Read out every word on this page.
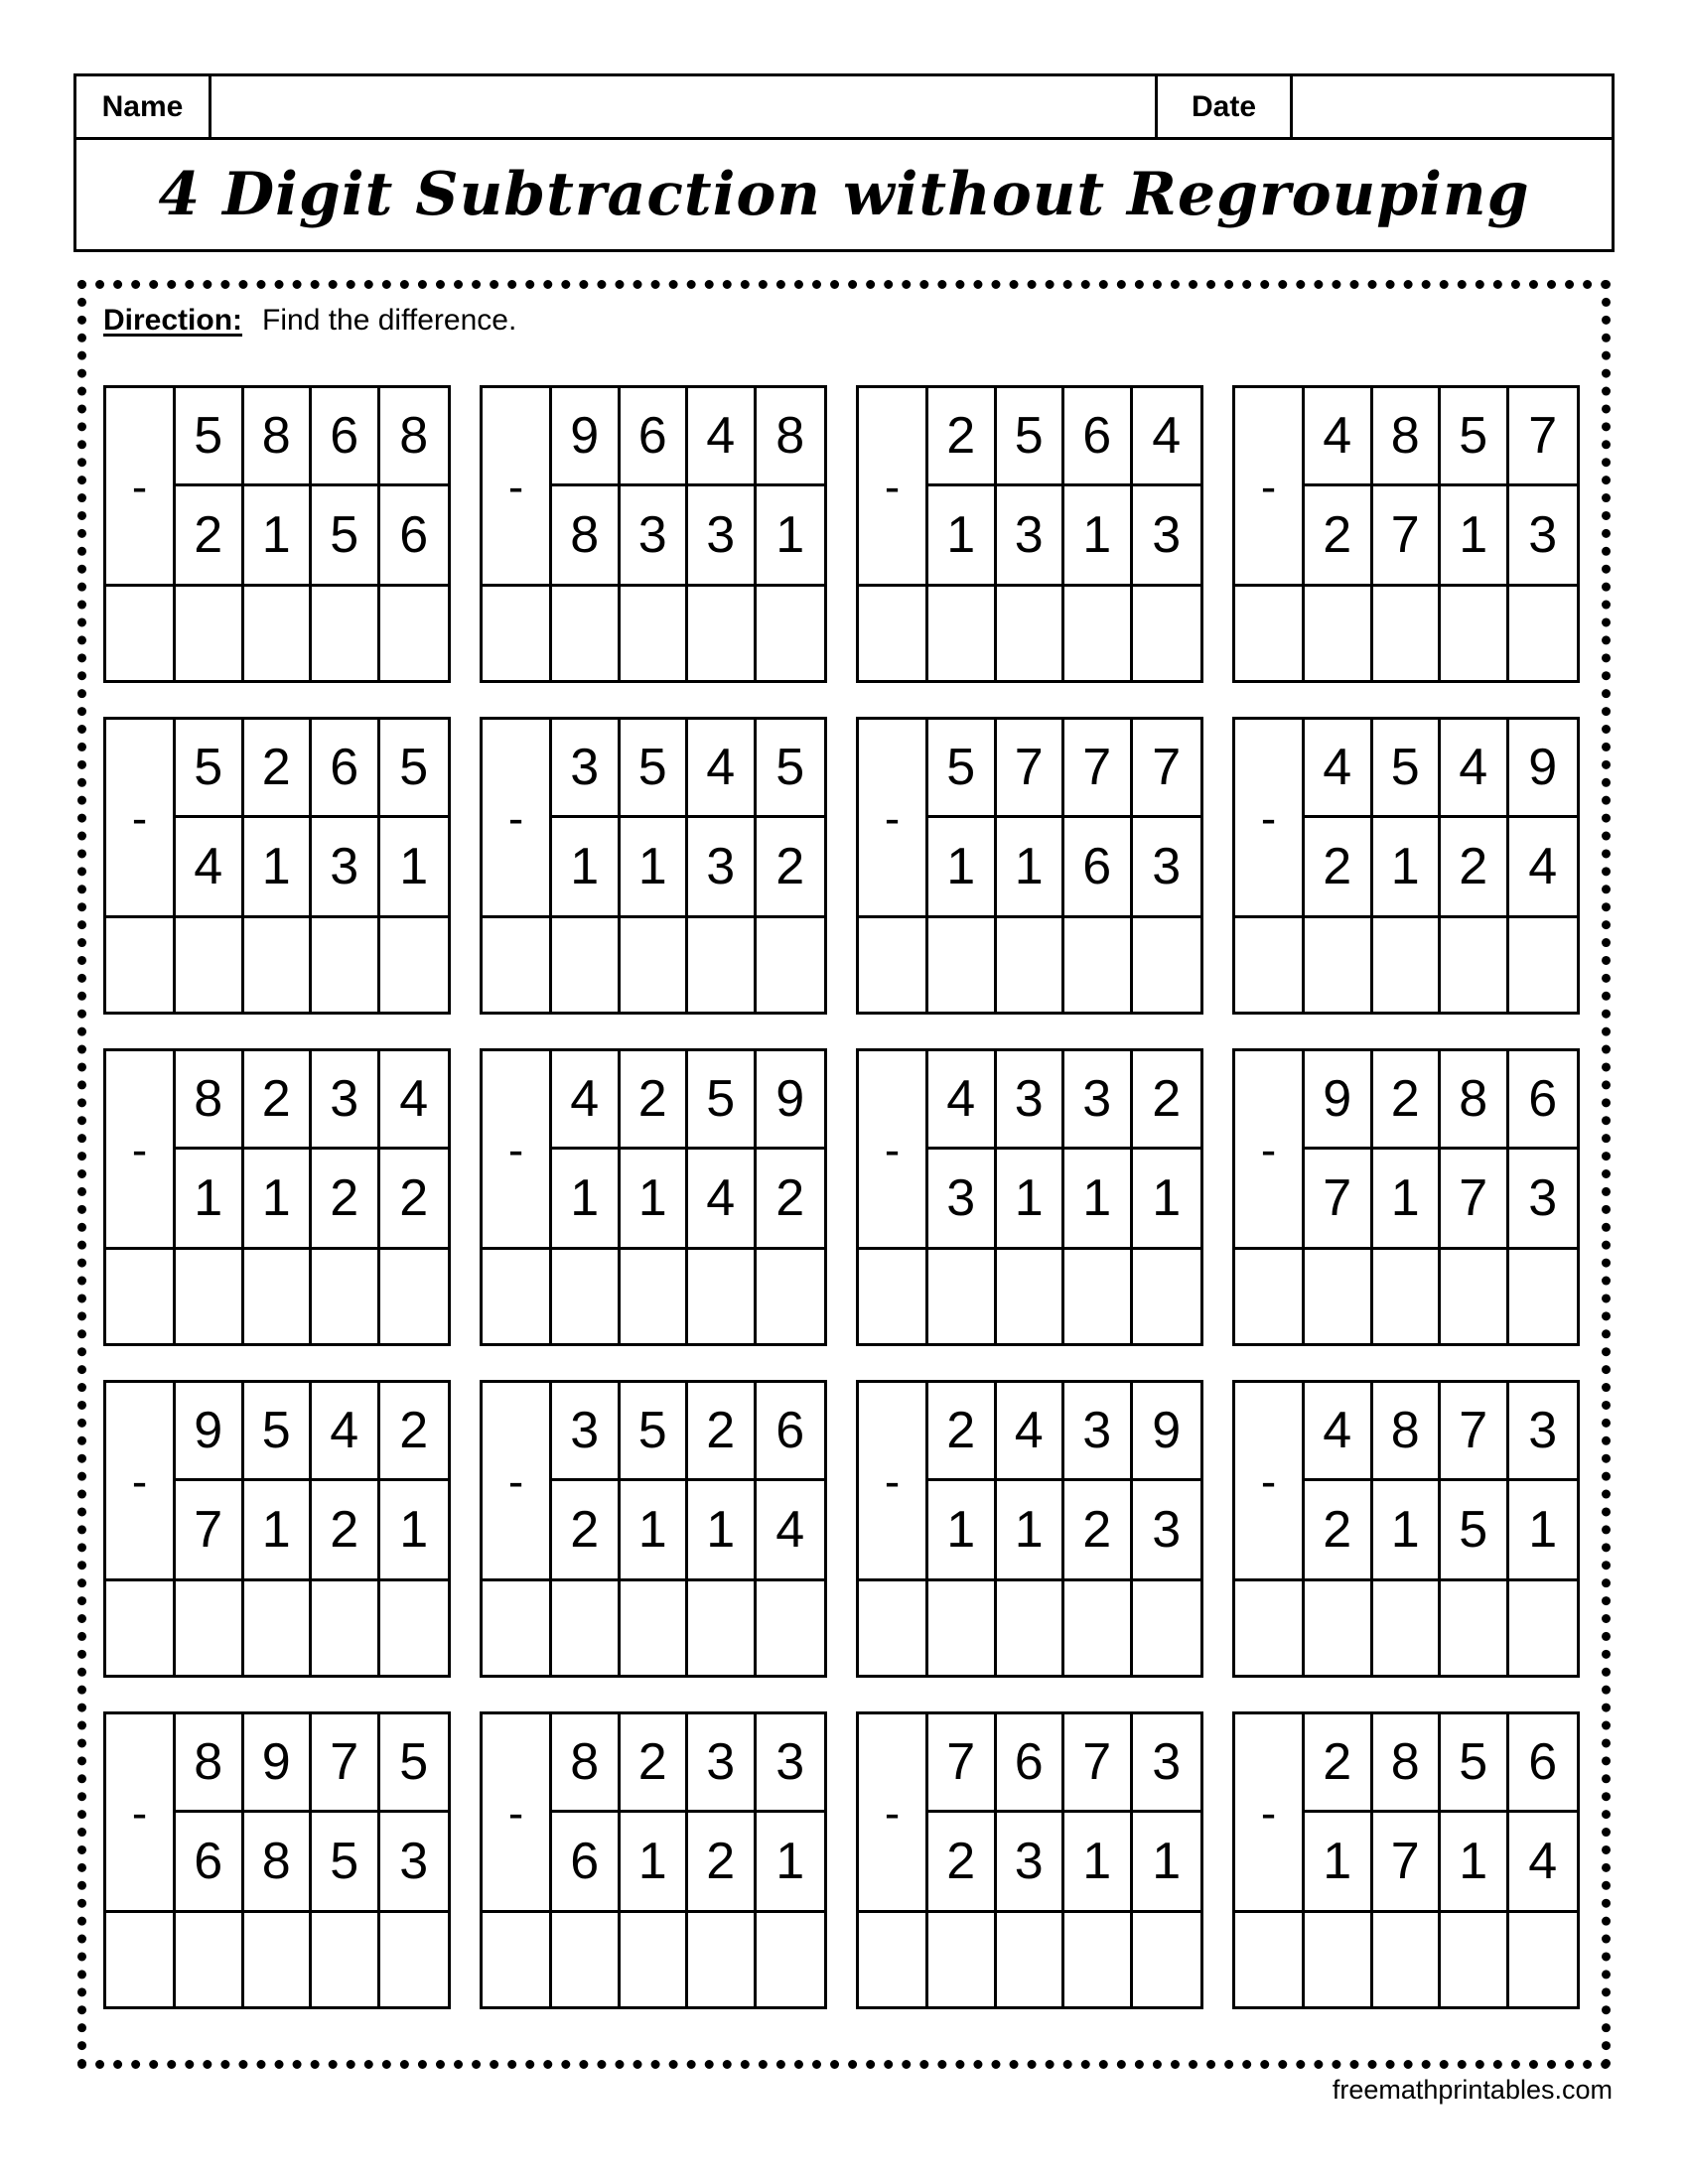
Name	Date
4 Digit Subtraction without Regrouping
Direction: Find the difference.
-
5 8 6 8
2 1 5 6
-
9 6 4 8
8 3 3 1
-
2 5 6 4
1 3 1 3
-
4 8 5 7
2 7 1 3
-
5 2 6 5
4 1 3 1
-
3 5 4 5
1 1 3 2
-
5 7 7 7
1 1 6 3
-
4 5 4 9
2 1 2 4
-
8 2 3 4
1 1 2 2
-
4 2 5 9
1 1 4 2
-
4 3 3 2
3 1 1 1
-
9 2 8 6
7 1 7 3
-
9 5 4 2
7 1 2 1
-
3 5 2 6
2 1 1 4
-
2 4 3 9
1 1 2 3
-
4 8 7 3
2 1 5 1
-
8 9 7 5
6 8 5 3
-
8 2 3 3
6 1 2 1
-
7 6 7 3
2 3 1 1
-
2 8 5 6
1 7 1 4
freemathprintables.com
